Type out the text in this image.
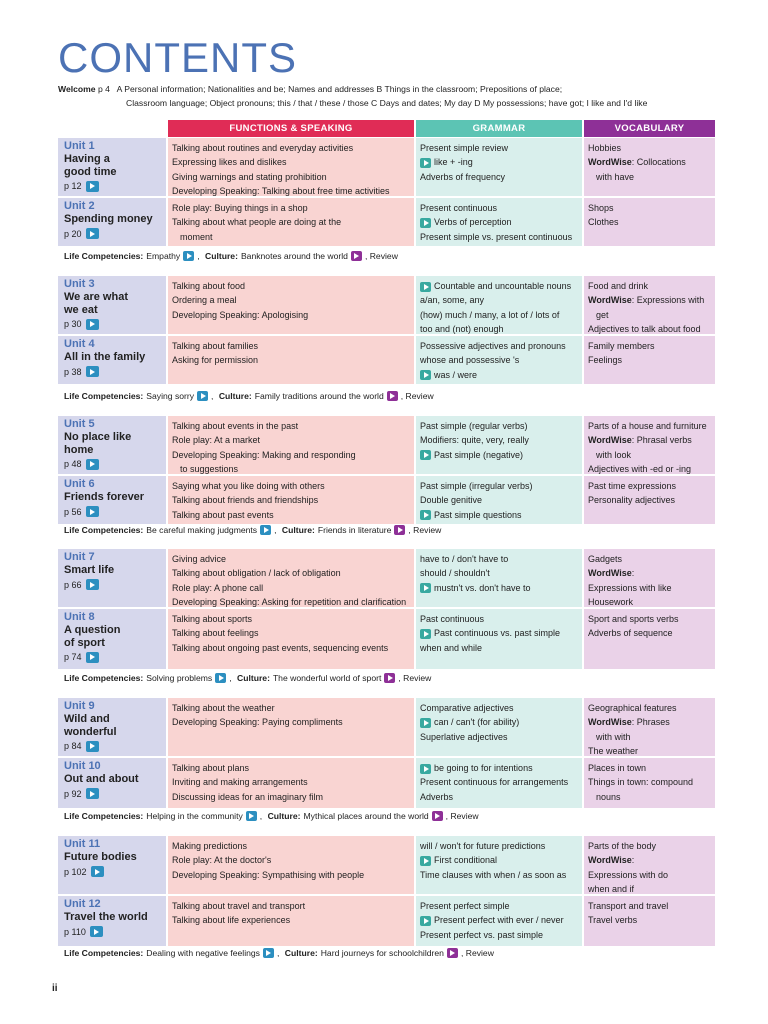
CONTENTS
Welcome p 4 A Personal information; Nationalities and be; Names and addresses B Things in the classroom; Prepositions of place;
Classroom language; Object pronouns; this / that / these / those C Days and dates; My day D My possessions; have got; I like and I'd like
FUNCTIONS & SPEAKING	GRAMMAR	VOCABULARY
Unit 1
Having a
good time
p 12
Talking about routines and everyday activities
Expressing likes and dislikes
Giving warnings and stating prohibition
Developing Speaking: Talking about free time activities
Present simple review
like + -ing
Adverbs of frequency
Hobbies
WordWise: Collocations
with have
Unit 2
Spending money
p 20
Role play: Buying things in a shop
Talking about what people are doing at the
moment
Present continuous
Verbs of perception
Present simple vs. present continuous
Shops
Clothes
Unit 3
We are what
we eat
p 30
Talking about food
Ordering a meal
Developing Speaking: Apologising
Countable and uncountable nouns
a/an, some, any
(how) much / many, a lot of / lots of
too and (not) enough
Food and drink
WordWise: Expressions with
get
Adjectives to talk about food
Unit 4
All in the family
p 38
Talking about families
Asking for permission
Possessive adjectives and pronouns
whose and possessive 's
was / were
Family members
Feelings
Unit 5
No place like home
p 48
Talking about events in the past
Role play: At a market
Developing Speaking: Making and responding
to suggestions
Past simple (regular verbs)
Modifiers: quite, very, really
Past simple (negative)
Parts of a house and furniture
WordWise: Phrasal verbs
with look
Adjectives with -ed or -ing
Unit 6
Friends forever
p 56
Saying what you like doing with others
Talking about friends and friendships
Talking about past events
Past simple (irregular verbs)
Double genitive
Past simple questions
Past time expressions
Personality adjectives
Unit 7
Smart life
p 66
Giving advice
Talking about obligation / lack of obligation
Role play: A phone call
Developing Speaking: Asking for repetition and clarification
have to / don't have to
should / shouldn't
mustn't vs. don't have to
Gadgets
WordWise:
Expressions with like
Housework
Unit 8
A question
of sport
p 74
Talking about sports
Talking about feelings
Talking about ongoing past events, sequencing events
Past continuous
Past continuous vs. past simple
when and while
Sport and sports verbs
Adverbs of sequence
Unit 9
Wild and
wonderful
p 84
Talking about the weather
Developing Speaking: Paying compliments
Comparative adjectives
can / can't (for ability)
Superlative adjectives
Geographical features
WordWise: Phrases
with with
The weather
Unit 10
Out and about
p 92
Talking about plans
Inviting and making arrangements
Discussing ideas for an imaginary film
be going to for intentions
Present continuous for arrangements
Adverbs
Places in town
Things in town: compound
nouns
Unit 11
Future bodies
p 102
Making predictions
Role play: At the doctor's
Developing Speaking: Sympathising with people
will / won't for future predictions
First conditional
Time clauses with when / as soon as
Parts of the body
WordWise:
Expressions with do
when and if
Unit 12
Travel the world
p 110
Talking about travel and transport
Talking about life experiences
Present perfect simple
Present perfect with ever / never
Present perfect vs. past simple
Transport and travel
Travel verbs
ii
Life Competencies: Empathy , Culture: Banknotes around the world , Review
Life Competencies: Saying sorry , Culture: Family traditions around the world , Review
Life Competencies: Be careful making judgments , Culture: Friends in literature , Review
Life Competencies: Solving problems , Culture: The wonderful world of sport , Review
Life Competencies: Helping in the community , Culture: Mythical places around the world , Review
Life Competencies: Dealing with negative feelings , Culture: Hard journeys for schoolchildren , Review
